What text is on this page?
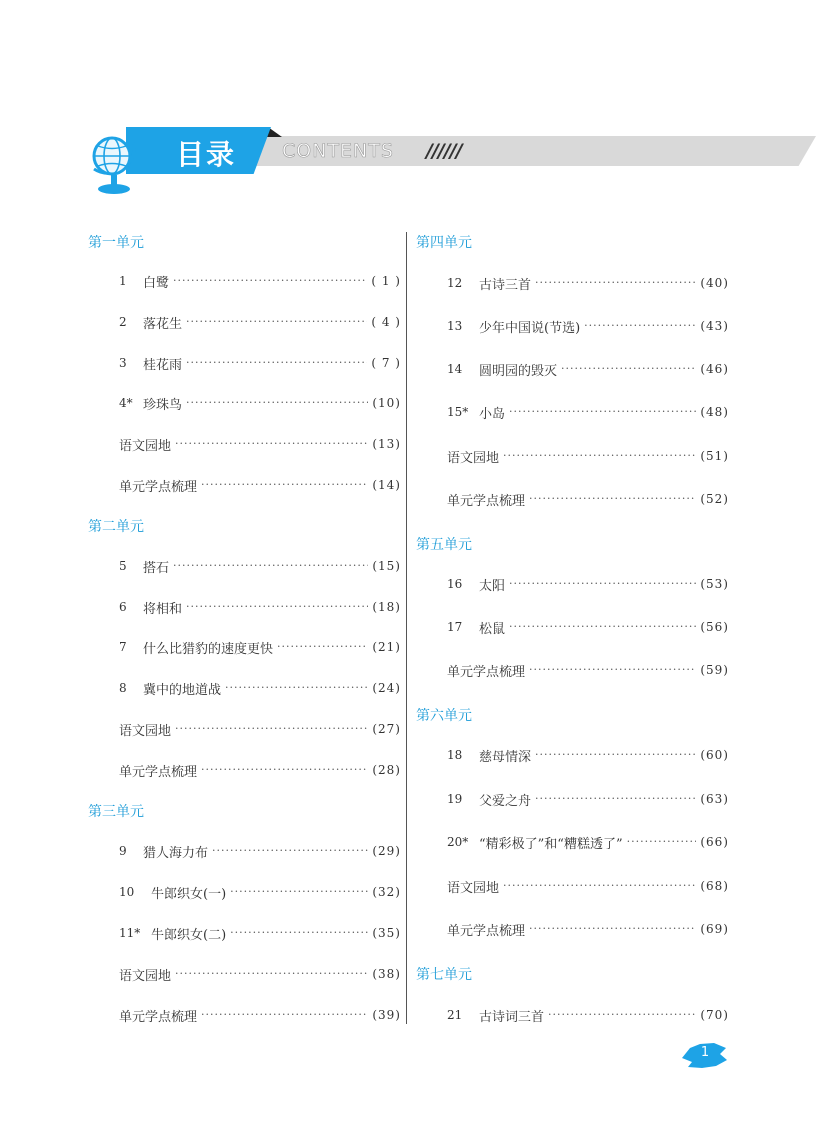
目录 CONTENTS //////
第一单元
1	白鹭 ·····	( 1 )
2	落花生 ·····	( 4 )
3	桂花雨 ·····	( 7 )
4* 珍珠鸟 ·····	(10)
语文园地 ·····	(13)
单元学点梳理 ·····	(14)
第二单元
5	搭石 ·····	(15)
6	将相和 ·····	(18)
7	什么比猎豹的速度更快 ·····	(21)
8	冀中的地道战 ·····	(24)
语文园地 ·····	(27)
单元学点梳理 ·····	(28)
第三单元
9	猎人海力布 ·····	(29)
10	牛郎织女(一) ·····	(32)
11* 牛郎织女(二) ·····	(35)
语文园地 ·····	(38)
单元学点梳理 ·····	(39)
第四单元
12	古诗三首 ·····	(40)
13	少年中国说(节选) ·····	(43)
14	圆明园的毁灭 ·····	(46)
15* 小岛 ·····	(48)
语文园地 ·····	(51)
单元学点梳理 ·····	(52)
第五单元
16	太阳 ·····	(53)
17	松鼠 ·····	(56)
单元学点梳理 ·····	(59)
第六单元
18	慈母情深 ·····	(60)
19	父爱之舟 ·····	(63)
20* “精彩极了”和“糟糕透了” ·····	(66)
语文园地 ·····	(68)
单元学点梳理 ·····	(69)
第七单元
21	古诗词三首 ·····	(70)
1
